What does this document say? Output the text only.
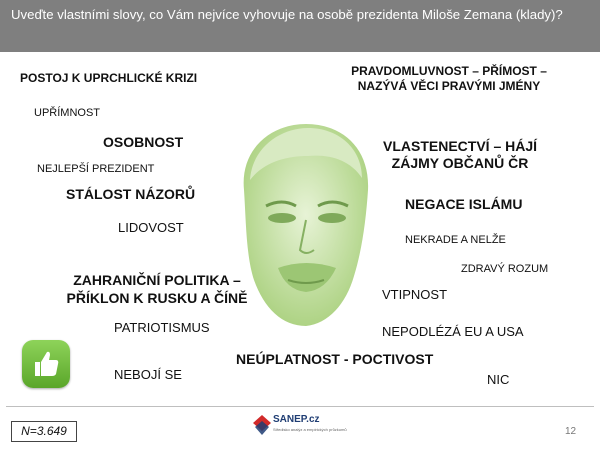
Uveďte vlastními slovy, co Vám nejvíce vyhovuje na osobě prezidenta Miloše Zemana (klady)?
POSTOJ K UPRCHLICKÉ KRIZI
UPŘÍMNOST
OSOBNOST
NEJLEPŠÍ PREZIDENT
STÁLOST NÁZORŮ
LIDOVOST
ZAHRANIČNÍ POLITIKA –
PŘÍKLON K RUSKU A ČÍNĚ
PATRIOTISMUS
NEBOJÍ SE
NEÚPLATNOST - POCTIVOST
PRAVDOMLUVNOST – PŘÍMOST –
NAZÝVÁ VĚCI PRAVÝMI JMÉNY
VLASTENECTVÍ – HÁJÍ
ZÁJMY OBČANŮ ČR
NEGACE ISLÁMU
NEKRADE A NELŽE
ZDRAVÝ ROZUM
VTIPNOST
NEPODLÉZÁ EU A USA
NIC
N=3.649
SANEP.cz
Středisko analýz a empirických průzkumů	12
